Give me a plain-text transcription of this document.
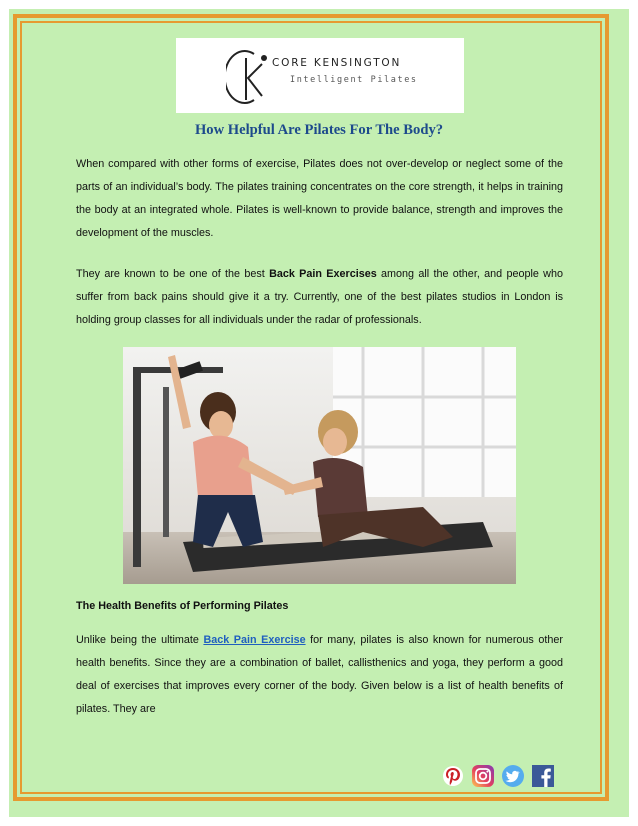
CORE KENSINGTON
Intelligent Pilates
How Helpful Are Pilates For The Body?

When compared with other forms of exercise, Pilates does not over-develop or neglect some of the parts of an individual’s body. The pilates training concentrates on the core strength, it helps in training the body at an integrated whole. Pilates is well-known to provide balance, strength and improves the development of the muscles.

They are known to be one of the best Back Pain Exercises among all the other, and people who suffer from back pains should give it a try. Currently, one of the best pilates studios in London is holding group classes for all individuals under the radar of professionals.

The Health Benefits of Performing Pilates

Unlike being the ultimate Back Pain Exercise for many, pilates is also known for numerous other health benefits. Since they are a combination of ballet, callisthenics and yoga, they perform a good deal of exercises that improves every corner of the body. Given below is a list of health benefits of pilates. They are
